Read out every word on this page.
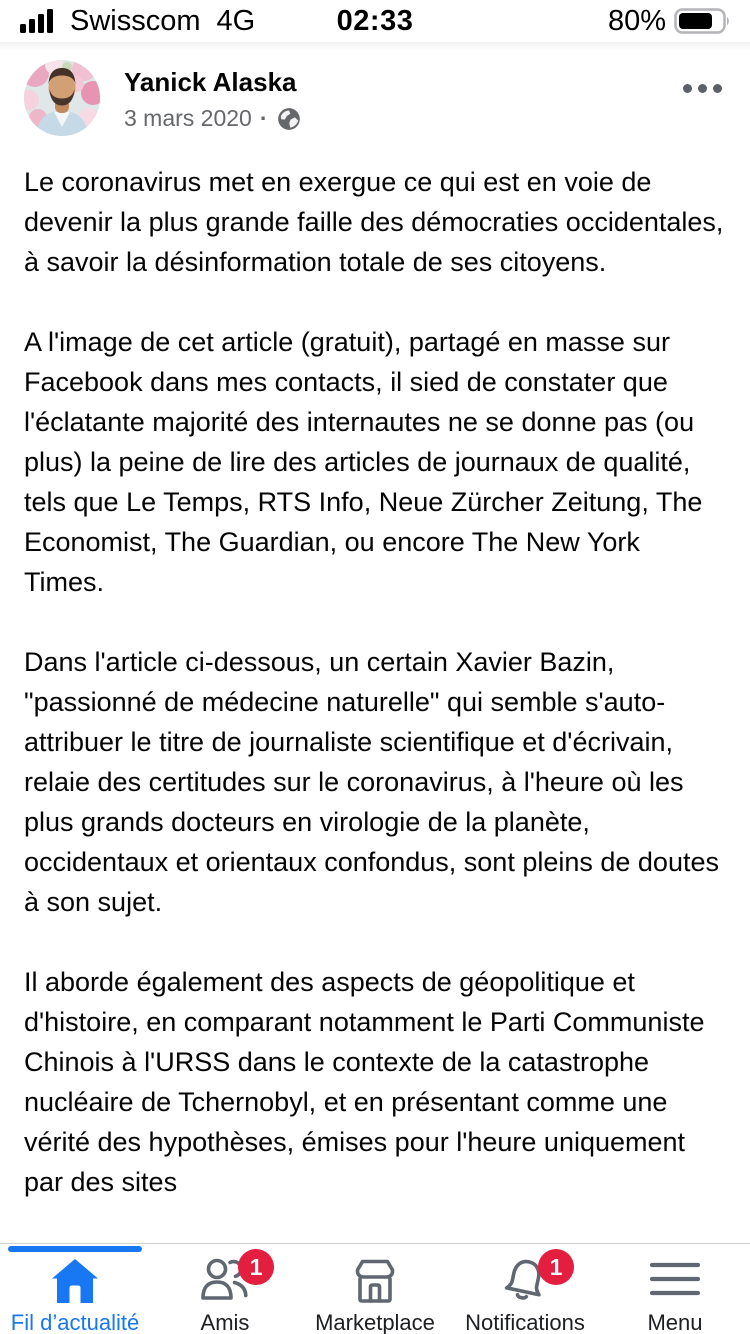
Swisscom 4G	02:33	80%
Yanick Alaska
3 mars 2020 ·

Le coronavirus met en exergue ce qui est en voie de devenir la plus grande faille des démocraties occidentales, à savoir la désinformation totale de ses citoyens.

A l'image de cet article (gratuit), partagé en masse sur Facebook dans mes contacts, il sied de constater que l'éclatante majorité des internautes ne se donne pas (ou plus) la peine de lire des articles de journaux de qualité, tels que Le Temps, RTS Info, Neue Zürcher Zeitung, The Economist, The Guardian, ou encore The New York Times.

Dans l'article ci-dessous, un certain Xavier Bazin, "passionné de médecine naturelle" qui semble s'auto-attribuer le titre de journaliste scientifique et d'écrivain, relaie des certitudes sur le coronavirus, à l'heure où les plus grands docteurs en virologie de la planète, occidentaux et orientaux confondus, sont pleins de doutes à son sujet.

Il aborde également des aspects de géopolitique et d'histoire, en comparant notamment le Parti Communiste Chinois à l'URSS dans le contexte de la catastrophe nucléaire de Tchernobyl, et en présentant comme une vérité des hypothèses, émises pour l'heure uniquement par des sites

Fil d’actualité
1
Amis	Marketplace
1
Notifications	Menu
